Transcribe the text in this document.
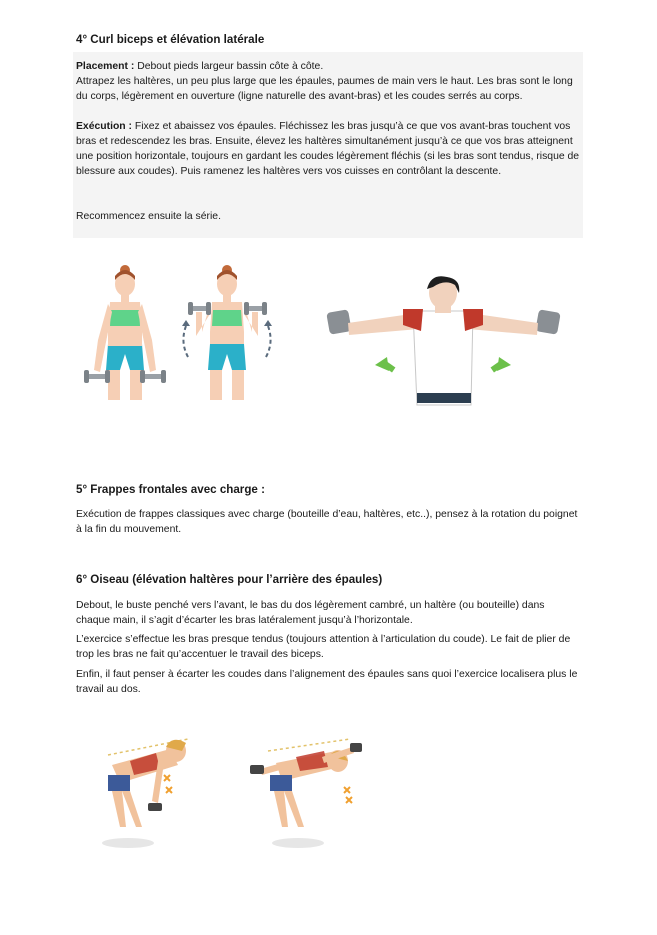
4° Curl biceps et élévation latérale

Placement : Debout pieds largeur bassin côte à côte.
Attrapez les haltères, un peu plus large que les épaules, paumes de main vers le haut. Les bras sont le long du corps, légèrement en ouverture (ligne naturelle des avant-bras) et les coudes serrés au corps.

Exécution : Fixez et abaissez vos épaules. Fléchissez les bras jusqu’à ce que vos avant-bras touchent vos bras et redescendez les bras. Ensuite, élevez les haltères simultanément jusqu’à ce que vos bras atteignent une position horizontale, toujours en gardant les coudes légèrement fléchis (si les bras sont tendus, risque de blessure aux coudes). Puis ramenez les haltères vers vos cuisses en contrôlant la descente.

Recommencez ensuite la série.

5° Frappes frontales avec charge :

Exécution de frappes classiques avec charge (bouteille d’eau, haltères, etc..), pensez à la rotation du poignet à la fin du mouvement.

6° Oiseau (élévation haltères pour l’arrière des épaules)

Debout, le buste penché vers l’avant, le bas du dos légèrement cambré, un haltère (ou bouteille) dans chaque main, il s’agit d’écarter les bras latéralement jusqu’à l’horizontale.

L’exercice s’effectue les bras presque tendus (toujours attention à l’articulation du coude). Le fait de plier de trop les bras ne fait qu’accentuer le travail des biceps.

Enfin, il faut penser à écarter les coudes dans l’alignement des épaules sans quoi l’exercice localisera plus le travail au dos.
